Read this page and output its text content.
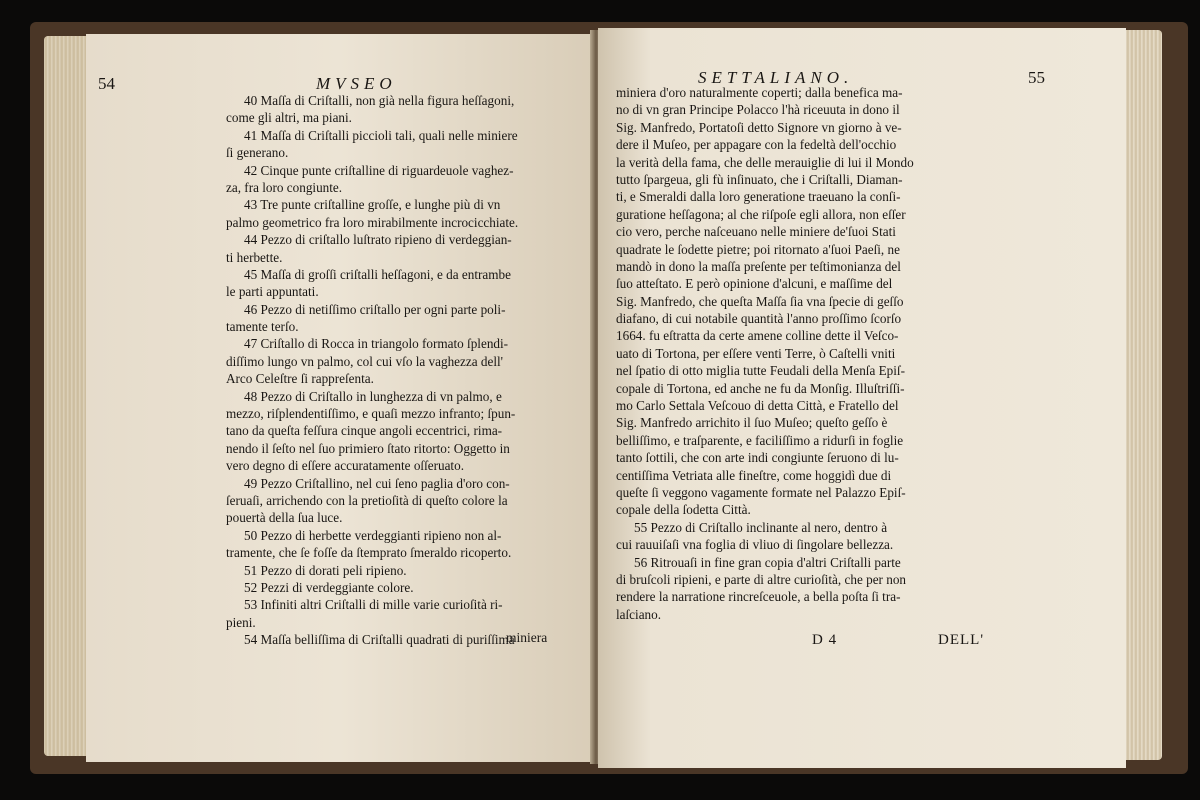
54	MVSEO
40 Maſſa di Criſtalli, non già nella figura heſſagoni,
come gli altri, ma piani.
41 Maſſa di Criſtalli piccioli tali, quali nelle miniere
ſi generano.
42 Cinque punte criſtalline di riguardeuole vaghez-
za, fra loro congiunte.
43 Tre punte criſtalline groſſe, e lunghe più di vn
palmo geometrico fra loro mirabilmente incrocicchiate.
44 Pezzo di criſtallo luſtrato ripieno di verdeggian-
ti herbette.
45 Maſſa di groſſi criſtalli heſſagoni, e da entrambe
le parti appuntati.
46 Pezzo di netiſſimo criſtallo per ogni parte poli-
tamente terſo.
47 Criſtallo di Rocca in triangolo formato ſplendi-
diſſimo lungo vn palmo, col cui vſo la vaghezza dell'
Arco Celeſtre ſi rappreſenta.
48 Pezzo di Criſtallo in lunghezza di vn palmo, e
mezzo, riſplendentiſſimo, e quaſi mezzo infranto; ſpun-
tano da queſta feſſura cinque angoli eccentrici, rima-
nendo il ſeſto nel ſuo primiero ſtato ritorto: Oggetto in
vero degno di eſſere accuratamente oſſeruato.
49 Pezzo Criſtallino, nel cui ſeno paglia d'oro con-
ſeruaſi, arrichendo con la pretioſità di queſto colore la
pouertà della ſua luce.
50 Pezzo di herbette verdeggianti ripieno non al-
tramente, che ſe foſſe da ſtemprato ſmeraldo ricoperto.
51 Pezzo di dorati peli ripieno.
52 Pezzi di verdeggiante colore.
53 Infiniti altri Criſtalli di mille varie curioſità ri-
pieni.
54 Maſſa belliſſima di Criſtalli quadrati di puriſſima
miniera
SETTALIANO.	55
miniera d'oro naturalmente coperti; dalla benefica ma-
no di vn gran Principe Polacco l'hà riceuuta in dono il
Sig. Manfredo, Portatoſi detto Signore vn giorno à ve-
dere il Muſeo, per appagare con la fedeltà dell'occhio
la verità della fama, che delle merauiglie di lui il Mondo
tutto ſpargeua, gli fù inſinuato, che i Criſtalli, Diaman-
ti, e Smeraldi dalla loro generatione traeuano la conſi-
guratione heſſagona; al che riſpoſe egli allora, non eſſer
cio vero, perche naſceuano nelle miniere de'ſuoi Stati
quadrate le ſodette pietre; poi ritornato a'ſuoi Paeſi, ne
mandò in dono la maſſa preſente per teſtimonianza del
ſuo atteſtato. E però opinione d'alcuni, e maſſime del
Sig. Manfredo, che queſta Maſſa ſia vna ſpecie di geſſo
diafano, di cui notabile quantità l'anno proſſimo ſcorſo
1664. fu eſtratta da certe amene colline dette il Veſco-
uato di Tortona, per eſſere venti Terre, ò Caſtelli vniti
nel ſpatio di otto miglia tutte Feudali della Menſa Epiſ-
copale di Tortona, ed anche ne fu da Monſig. Illuſtriſſi-
mo Carlo Settala Veſcouo di detta Città, e Fratello del
Sig. Manfredo arrichito il ſuo Muſeo; queſto geſſo è
belliſſimo, e traſparente, e faciliſſimo a ridurſi in foglie
tanto ſottili, che con arte indi congiunte ſeruono di lu-
centiſſima Vetriata alle fineſtre, come hoggidì due di
queſte ſi veggono vagamente formate nel Palazzo Epiſ-
copale della ſodetta Città.
55 Pezzo di Criſtallo inclinante al nero, dentro à
cui rauuiſaſi vna foglia di vliuo di ſingolare bellezza.
56 Ritrouaſi in fine gran copia d'altri Criſtalli parte
di bruſcoli ripieni, e parte di altre curioſità, che per non
rendere la narratione rincreſceuole, a bella poſta ſi tra-
laſciano.
D 4	DELL'
